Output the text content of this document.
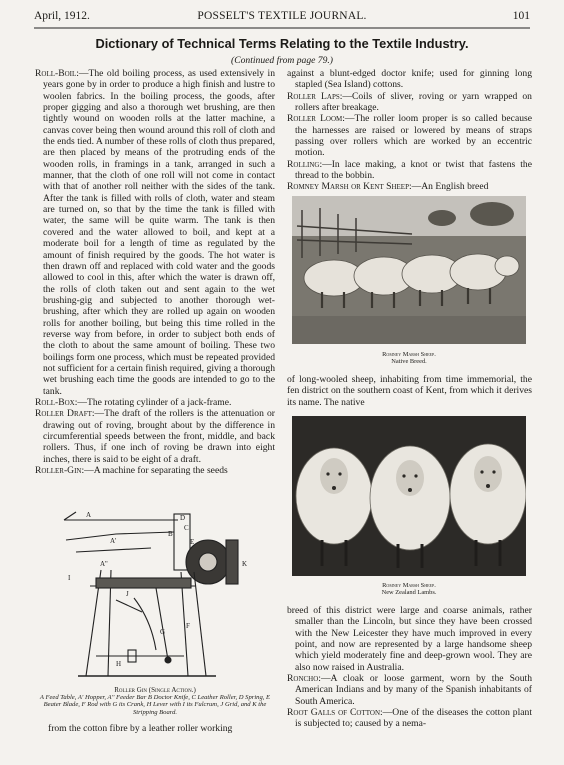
April, 1912.	POSSELT'S TEXTILE JOURNAL.	101
Dictionary of Technical Terms Relating to the Textile Industry.
(Continued from page 79.)

Roll-Boil:—The old boiling process, as used extensively in years gone by in order to produce a high finish and lustre to woolen fabrics. In the boiling process, the goods, after proper gigging and also a thorough wet brushing, are then tightly wound on wooden rolls at the latter machine, a canvas cover being then wound around this roll of cloth and the ends tied. A number of these rolls of cloth thus prepared, are then placed by means of the protruding ends of the wooden rolls, in framings in a tank, arranged in such a manner, that the cloth of one roll will not come in contact with that of another roll neither with the sides of the tank. After the tank is filled with rolls of cloth, water and steam are turned on, so that by the time the tank is filled with water, the same will be quite warm. The tank is then covered and the water allowed to boil, and kept at a moderate boil for a length of time as regulated by the amount of finish required by the goods. The hot water is then drawn off and replaced with cold water and the goods allowed to cool in this, after which the water is drawn off, the rolls of cloth taken out and sent again to the wet brushing-gig and subjected to another thorough wet-brushing, after which they are rolled up again on wooden rolls for another boiling, but being this time rolled in the reverse way from before, in order to subject both ends of the cloth to about the same amount of boiling. These two boilings form one process, which must be repeated provided not sufficient for a certain finish required, giving a thorough wet brushing each time the goods are intended to go to the tank.

Roll-Box:—The rotating cylinder of a jack-frame.

Roller Draft:—The draft of the rollers is the attenuation or drawing out of roving, brought about by the difference in circumferential speeds between the front, middle, and back rollers. Thus, if one inch of roving be drawn into eight inches, there is said to be eight of a draft.

Roller-Gin:—A machine for separating the seeds

A
A'
A''
B
C
D
E
F
G
H
I
J
K
Roller Gin (Single Action.)
A Feed Table, A' Hopper, A'' Feeder Bar B Doctor Knife, C Leather Roller, D Spring, E Beater Blade, F Rod with G its Crank, H Lever with I its Fulcrum, J Grid, and K the Stripping Board.
from the cotton fibre by a leather roller working

against a blunt-edged doctor knife; used for ginning long stapled (Sea Island) cottons.

Roller Laps:—Coils of sliver, roving or yarn wrapped on rollers after breakage.

Roller Loom:—The roller loom proper is so called because the harnesses are raised or lowered by means of straps passing over rollers which are worked by an eccentric motion.

Rolling:—In lace making, a knot or twist that fastens the thread to the bobbin.

Romney Marsh or Kent Sheep:—An English breed

Romney Marsh Sheep.
Native Breed.
of long-wooled sheep, inhabiting from time immemorial, the fen district on the southern coast of Kent, from which it derives its name. The native
Romney Marsh Sheep.
New Zealand Lambs.

breed of this district were large and coarse animals, rather smaller than the Lincoln, but since they have been crossed with the New Leicester they have much improved in every point, and now are represented by a large handsome sheep which yield moderately fine and deep-grown wool. They are also now raised in Australia.

Roncho:—A cloak or loose garment, worn by the South American Indians and by many of the Spanish inhabitants of South America.

Root Galls of Cotton:—One of the diseases the cotton plant is subjected to; caused by a nema-
